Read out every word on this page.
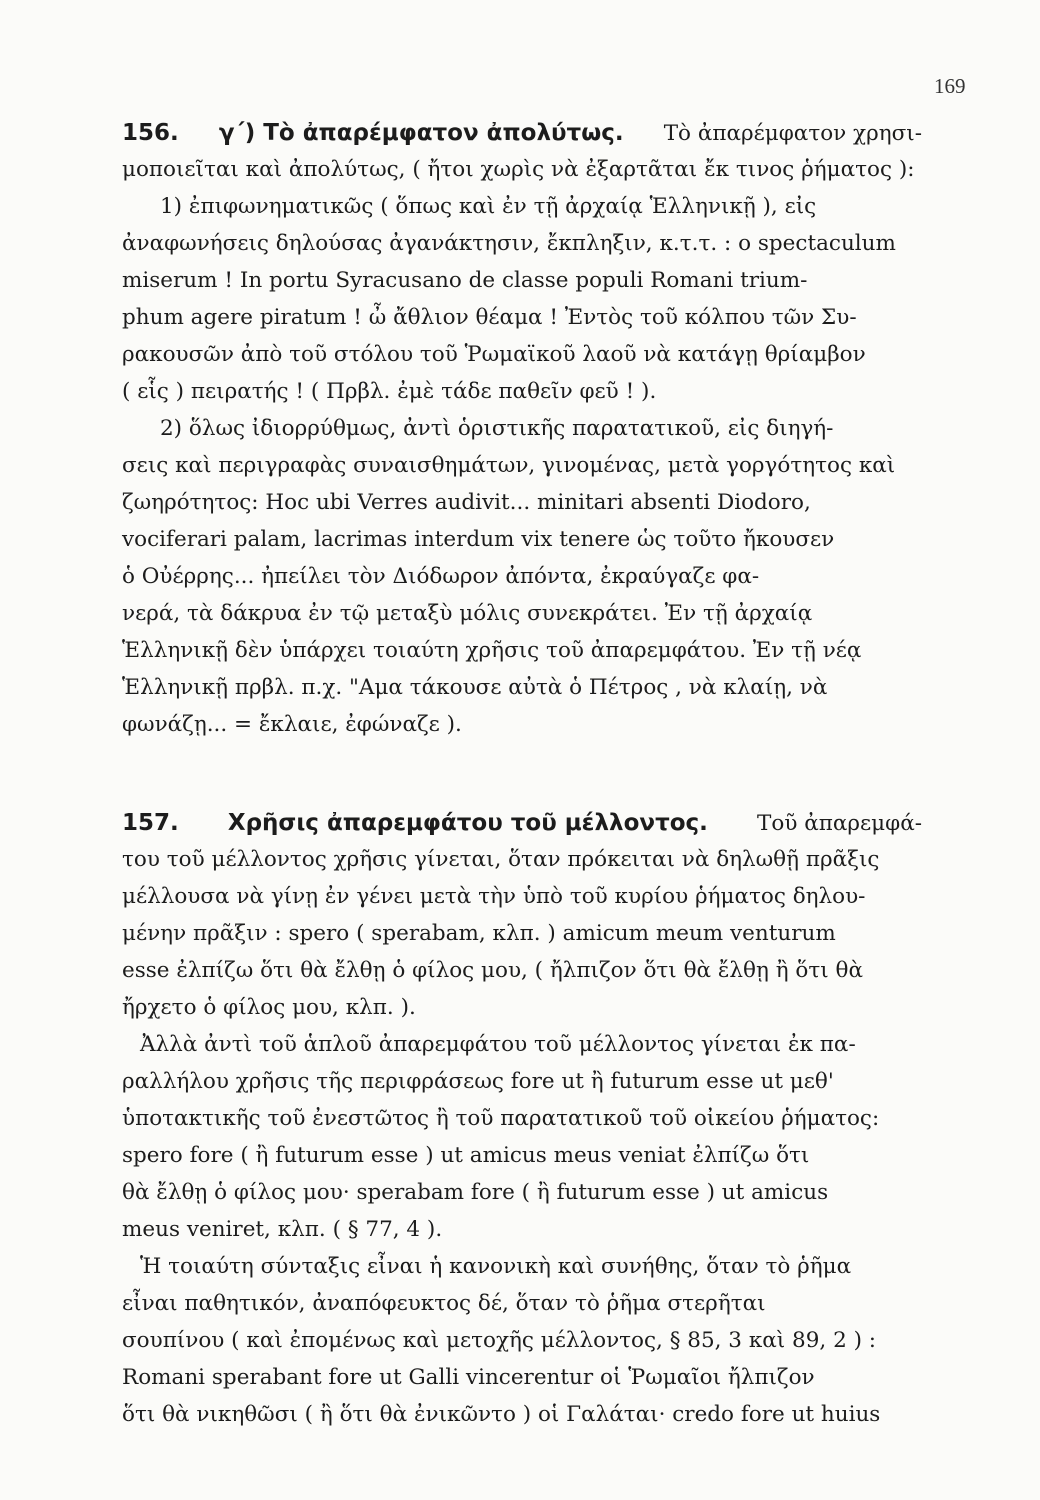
169
156. γ΄) Τὸ ἀπαρέμφατον ἀπολύτως. Τὸ ἀπαρέμφατον χρησι-
μοποιεῖται καὶ ἀπολύτως, ( ἤτοι χωρὶς νὰ ἐξαρτᾶται ἔκ τινος ῥήματος ):
1) ἐπιφωνηματικῶς ( ὅπως καὶ ἐν τῇ ἀρχαίᾳ Ἑλληνικῇ ), εἰς
ἀναφωνήσεις δηλούσας ἀγανάκτησιν, ἔκπληξιν, κ.τ.τ. : o spectaculum
miserum ! In portu Syracusano de classe populi Romani trium-
phum agere piratum ! ὦ ἄθλιον θέαμα ! Ἐντὸς τοῦ κόλπου τῶν Συ-
ρακουσῶν ἀπὸ τοῦ στόλου τοῦ Ῥωμαϊκοῦ λαοῦ νὰ κατάγῃ θρίαμβον
( εἷς ) πειρατής ! ( Πρβλ. ἐμὲ τάδε παθεῖν φεῦ ! ).
2) ὅλως ἰδιορρύθμως, ἀντὶ ὁριστικῆς παρατατικοῦ, εἰς διηγή-
σεις καὶ περιγραφὰς συναισθημάτων, γινομένας, μετὰ γοργότητος καὶ
ζωηρότητος: Hoc ubi Verres audivit... minitari absenti Diodoro,
vociferari palam, lacrimas interdum vix tenere ὡς τοῦτο ἤκουσεν
ὁ Οὐέρρης... ἠπείλει τὸν Διόδωρον ἀπόντα, ἐκραύγαζε φα-
νερά, τὰ δάκρυα ἐν τῷ μεταξὺ μόλις συνεκράτει. Ἐν τῇ ἀρχαίᾳ
Ἑλληνικῇ δὲν ὑπάρχει τοιαύτη χρῆσις τοῦ ἀπαρεμφάτου. Ἐν τῇ νέᾳ
Ἑλληνικῇ πρβλ. π.χ. "Αμα τάκουσε αὐτὰ ὁ Πέτρος , νὰ κλαίῃ, νὰ
φωνάζῃ... = ἔκλαιε, ἐφώναζε ).
157. Χρῆσις ἀπαρεμφάτου τοῦ μέλλοντος. Τοῦ ἀπαρεμφά-
του τοῦ μέλλοντος χρῆσις γίνεται, ὅταν πρόκειται νὰ δηλωθῇ πρᾶξις
μέλλουσα νὰ γίνῃ ἐν γένει μετὰ τὴν ὑπὸ τοῦ κυρίου ῥήματος δηλου-
μένην πρᾶξιν : spero ( sperabam, κλπ. ) amicum meum venturum
esse ἐλπίζω ὅτι θὰ ἔλθῃ ὁ φίλος μου, ( ἤλπιζον ὅτι θὰ ἔλθῃ ἢ ὅτι θὰ
ἤρχετο ὁ φίλος μου, κλπ. ).
Ἀλλὰ ἀντὶ τοῦ ἁπλοῦ ἀπαρεμφάτου τοῦ μέλλοντος γίνεται ἐκ πα-
ραλλήλου χρῆσις τῆς περιφράσεως fore ut ἢ futurum esse ut μεθ'
ὑποτακτικῆς τοῦ ἐνεστῶτος ἢ τοῦ παρατατικοῦ τοῦ οἰκείου ῥήματος:
spero fore ( ἢ futurum esse ) ut amicus meus veniat ἐλπίζω ὅτι
θὰ ἔλθῃ ὁ φίλος μου· sperabam fore ( ἢ futurum esse ) ut amicus
meus veniret, κλπ. ( § 77, 4 ).
Ἡ τοιαύτη σύνταξις εἶναι ἡ κανονικὴ καὶ συνήθης, ὅταν τὸ ῥῆμα
εἶναι παθητικόν, ἀναπόφευκτος δέ, ὅταν τὸ ῥῆμα στερῆται
σουπίνου ( καὶ ἐπομένως καὶ μετοχῆς μέλλοντος, § 85, 3 καὶ 89, 2 ) :
Romani sperabant fore ut Galli vincerentur οἱ Ῥωμαῖοι ἤλπιζον
ὅτι θὰ νικηθῶσι ( ἢ ὅτι θὰ ἐνικῶντο ) οἱ Γαλάται· credo fore ut huius
